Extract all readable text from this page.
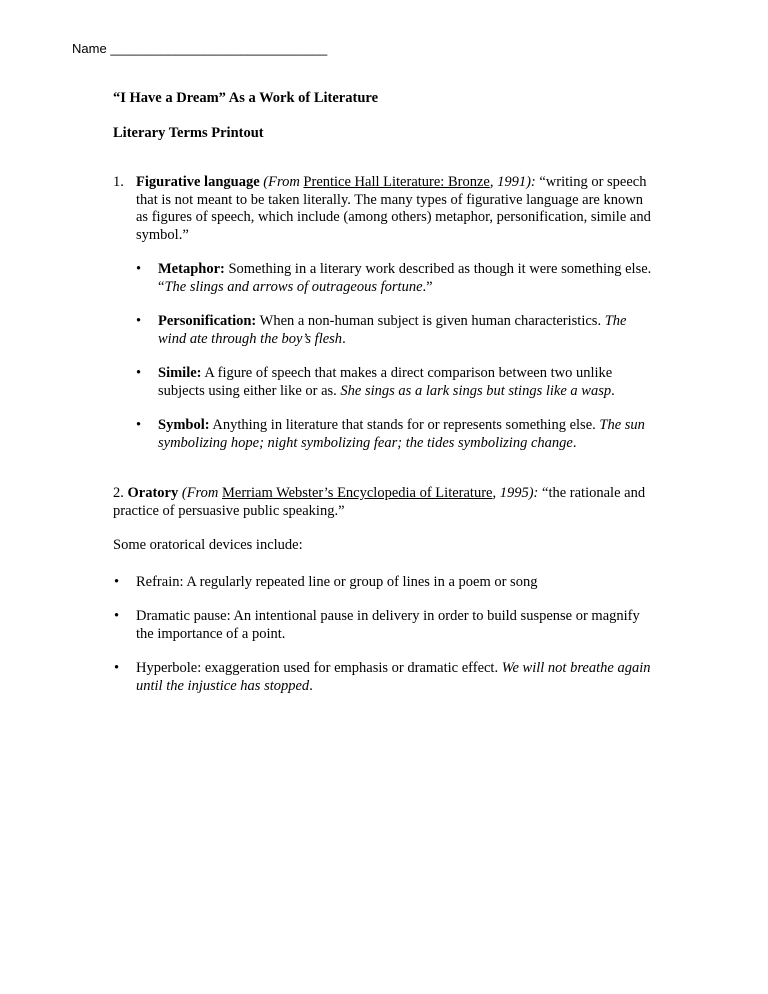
Name ______________________________

“I Have a Dream” As a Work of Literature

Literary Terms Printout

1. Figurative language (From Prentice Hall Literature: Bronze, 1991): “writing or speech that is not meant to be taken literally. The many types of figurative language are known as figures of speech, which include (among others) metaphor, personification, simile and symbol.”
• Metaphor: Something in a literary work described as though it were something else. “The slings and arrows of outrageous fortune.”
• Personification: When a non-human subject is given human characteristics. The wind ate through the boy’s flesh.
• Simile: A figure of speech that makes a direct comparison between two unlike subjects using either like or as. She sings as a lark sings but stings like a wasp.
• Symbol: Anything in literature that stands for or represents something else. The sun symbolizing hope; night symbolizing fear; the tides symbolizing change.
2. Oratory (From Merriam Webster’s Encyclopedia of Literature, 1995): “the rationale and practice of persuasive public speaking.”
Some oratorical devices include:
• Refrain: A regularly repeated line or group of lines in a poem or song
• Dramatic pause: An intentional pause in delivery in order to build suspense or magnify the importance of a point.
• Hyperbole: exaggeration used for emphasis or dramatic effect. We will not breathe again until the injustice has stopped.
